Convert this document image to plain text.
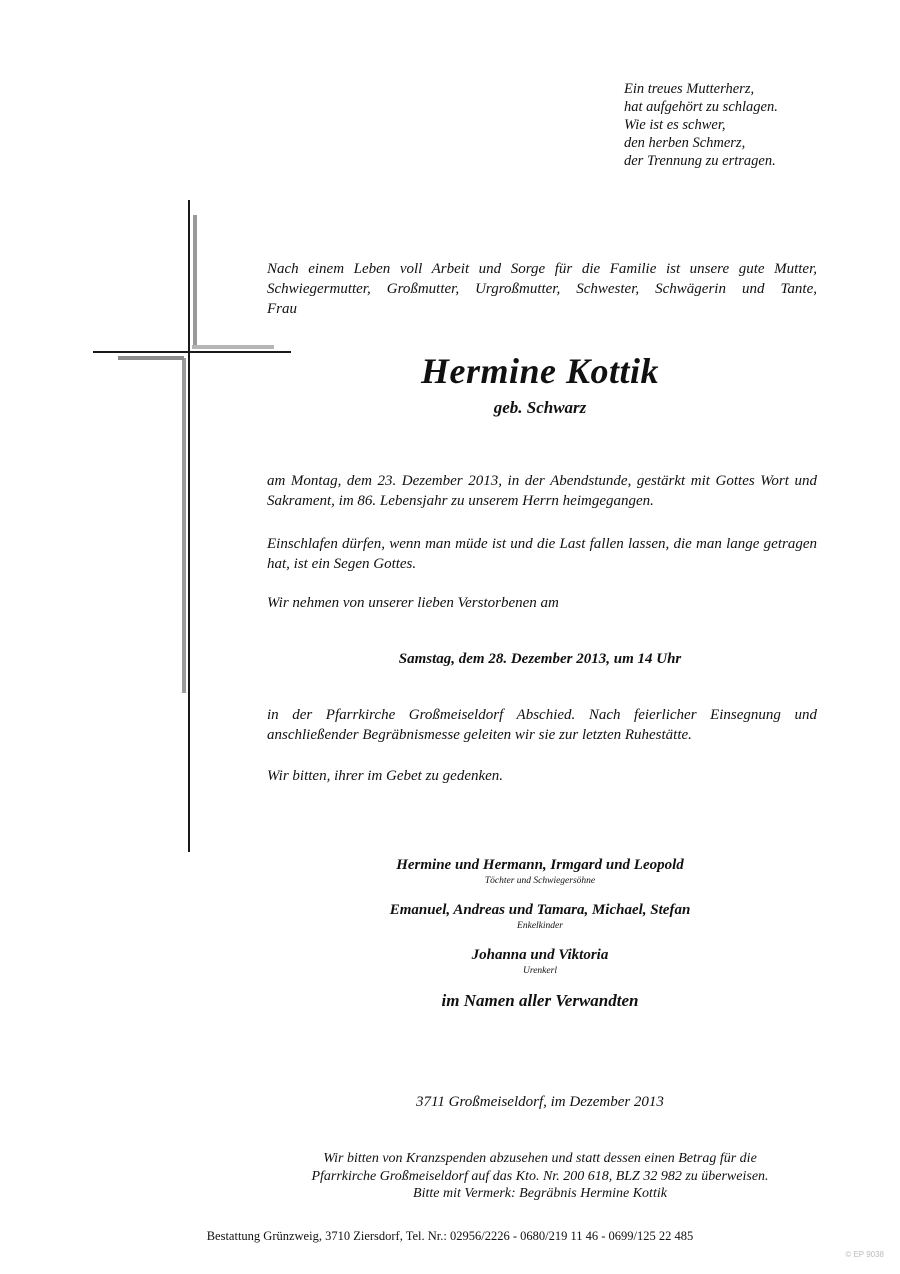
Ein treues Mutterherz,
hat aufgehört zu schlagen.
Wie ist es schwer,
den herben Schmerz,
der Trennung zu ertragen.
Nach einem Leben voll Arbeit und Sorge für die Familie ist unsere gute Mutter, Schwiegermutter, Großmutter, Urgroßmutter, Schwester, Schwägerin und Tante,
Frau
Hermine Kottik
geb. Schwarz
am Montag, dem 23. Dezember 2013, in der Abendstunde, gestärkt mit Gottes Wort und Sakrament, im 86. Lebensjahr zu unserem Herrn heimgegangen.
Einschlafen dürfen, wenn man müde ist und die Last fallen lassen, die man lange getragen hat, ist ein Segen Gottes.
Wir nehmen von unserer lieben Verstorbenen am
Samstag, dem 28. Dezember 2013, um 14 Uhr
in der Pfarrkirche Großmeiseldorf Abschied. Nach feierlicher Einsegnung und anschließender Begräbnismesse geleiten wir sie zur letzten Ruhestätte.
Wir bitten, ihrer im Gebet zu gedenken.
Hermine und Hermann, Irmgard und Leopold
Töchter und Schwiegersöhne
Emanuel, Andreas und Tamara, Michael, Stefan
Enkelkinder
Johanna und Viktoria
Urenkerl
im Namen aller Verwandten
3711 Großmeiseldorf, im Dezember 2013
Wir bitten von Kranzspenden abzusehen und statt dessen einen Betrag für die
Pfarrkirche Großmeiseldorf auf das Kto. Nr. 200 618, BLZ 32 982 zu überweisen.
Bitte mit Vermerk: Begräbnis Hermine Kottik
Bestattung Grünzweig, 3710 Ziersdorf, Tel. Nr.: 02956/2226 - 0680/219 11 46 - 0699/125 22 485
© EP 9038
